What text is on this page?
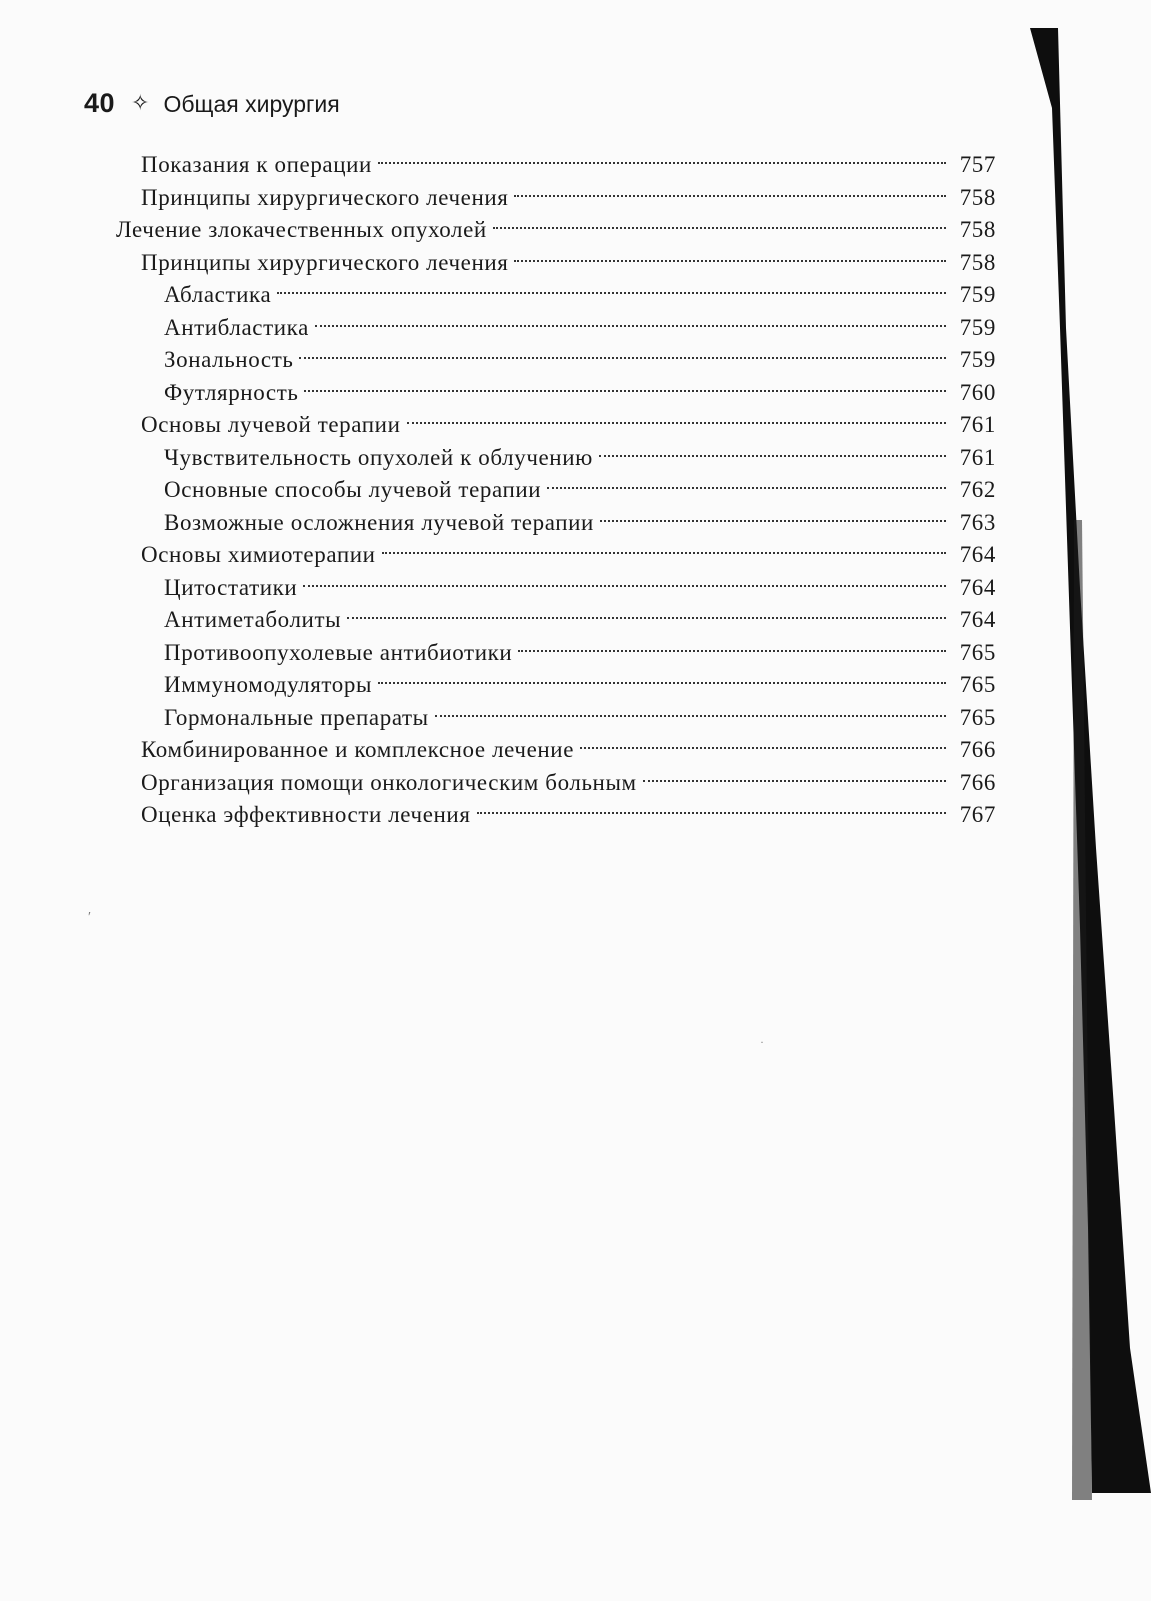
40 ✧ Общая хирургия
Показания к операции	757
Принципы хирургического лечения	758
Лечение злокачественных опухолей	758
Принципы хирургического лечения	758
Абластика	759
Антибластика	759
Зональность	759
Футлярность	760
Основы лучевой терапии	761
Чувствительность опухолей к облучению	761
Основные способы лучевой терапии	762
Возможные осложнения лучевой терапии	763
Основы химиотерапии	764
Цитостатики	764
Антиметаболиты	764
Противоопухолевые антибиотики	765
Иммуномодуляторы	765
Гормональные препараты	765
Комбинированное и комплексное лечение	766
Организация помощи онкологическим больным	766
Оценка эффективности лечения	767
′
·
